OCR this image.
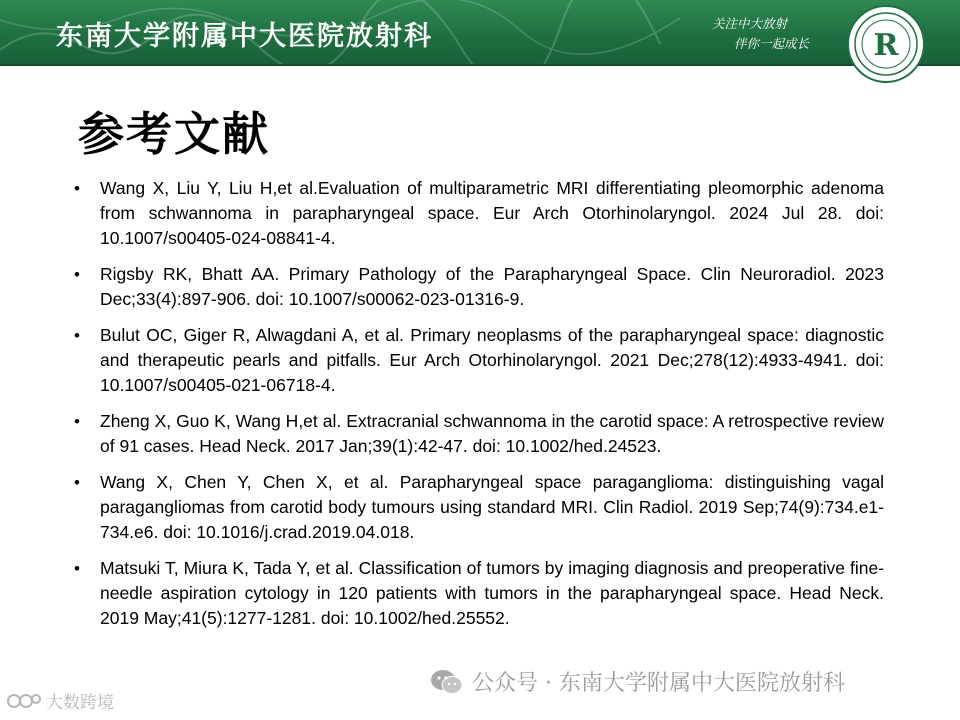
东南大学附属中大医院放射科	关注中大放射
伴你一起成长	R
参考文献
• Wang X, Liu Y, Liu H,et al.Evaluation of multiparametric MRI differentiating pleomorphic adenoma from schwannoma in parapharyngeal space. Eur Arch Otorhinolaryngol. 2024 Jul 28. doi: 10.1007/s00405-024-08841-4.
• Rigsby RK, Bhatt AA. Primary Pathology of the Parapharyngeal Space. Clin Neuroradiol. 2023 Dec;33(4):897-906. doi: 10.1007/s00062-023-01316-9.
• Bulut OC, Giger R, Alwagdani A, et al. Primary neoplasms of the parapharyngeal space: diagnostic and therapeutic pearls and pitfalls. Eur Arch Otorhinolaryngol. 2021 Dec;278(12):4933-4941. doi: 10.1007/s00405-021-06718-4.
• Zheng X, Guo K, Wang H,et al. Extracranial schwannoma in the carotid space: A retrospective review of 91 cases. Head Neck. 2017 Jan;39(1):42-47. doi: 10.1002/hed.24523.
• Wang X, Chen Y, Chen X, et al. Parapharyngeal space paraganglioma: distinguishing vagal paragangliomas from carotid body tumours using standard MRI. Clin Radiol. 2019 Sep;74(9):734.e1-734.e6. doi: 10.1016/j.crad.2019.04.018.
• Matsuki T, Miura K, Tada Y, et al. Classification of tumors by imaging diagnosis and preoperative fine-needle aspiration cytology in 120 patients with tumors in the parapharyngeal space. Head Neck. 2019 May;41(5):1277-1281. doi: 10.1002/hed.25552.
公众号 · 东南大学附属中大医院放射科
大数跨境
